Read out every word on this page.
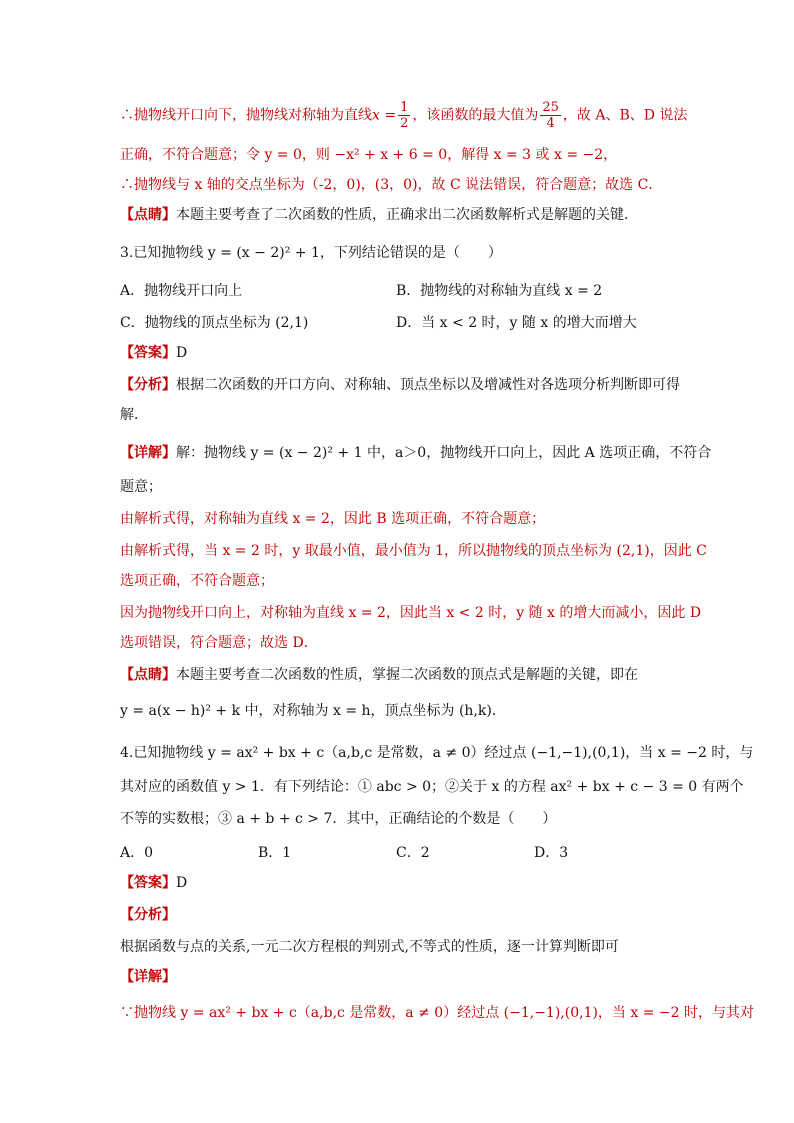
∴抛物线开口向下，抛物线对称轴为直线$x = \frac{1}{2}$ ，该函数的最大值为 $\frac{25}{4}$ ，故 A、B、D 说法
正确，不符合题意；令 y = 0，则 −x² + x + 6 = 0，解得 x = 3 或 x = −2，
∴抛物线与 x 轴的交点坐标为（-2，0)，(3，0)，故 C 说法错误，符合题意；故选 C．
【点睛】本题主要考查了二次函数的性质，正确求出二次函数解析式是解题的关键．
3.已知抛物线 y = (x − 2)² + 1，下列结论错误的是（　　）
A．抛物线开口向上	B．抛物线的对称轴为直线 x = 2
C．抛物线的顶点坐标为 (2,1)	D．当 x < 2 时，y 随 x 的增大而增大
【答案】D
【分析】根据二次函数的开口方向、对称轴、顶点坐标以及增减性对各选项分析判断即可得
解．
【详解】解：抛物线 y = (x − 2)² + 1 中，a＞0，抛物线开口向上，因此 A 选项正确，不符合
题意；
由解析式得，对称轴为直线 x = 2，因此 B 选项正确，不符合题意；
由解析式得，当 x = 2 时，y 取最小值，最小值为 1，所以抛物线的顶点坐标为 (2,1)，因此 C
选项正确，不符合题意；
因为抛物线开口向上，对称轴为直线 x = 2，因此当 x < 2 时，y 随 x 的增大而减小，因此 D
选项错误，符合题意；故选 D．
【点睛】本题主要考查二次函数的性质，掌握二次函数的顶点式是解题的关键，即在
y = a(x − h)² + k 中，对称轴为 x = h，顶点坐标为 (h,k)．
4.已知抛物线 y = ax² + bx + c（a,b,c 是常数，a ≠ 0）经过点 (−1,−1),(0,1)，当 x = −2 时，与
其对应的函数值 y > 1．有下列结论：① abc > 0；②关于 x 的方程 ax² + bx + c − 3 = 0 有两个
不等的实数根；③ a + b + c > 7．其中，正确结论的个数是（　　）
A．0	B．1	C．2	D．3
【答案】D
【分析】
根据函数与点的关系,一元二次方程根的判别式,不等式的性质，逐一计算判断即可
【详解】
∵抛物线 y = ax² + bx + c（a,b,c 是常数，a ≠ 0）经过点 (−1,−1),(0,1)，当 x = −2 时，与其对
